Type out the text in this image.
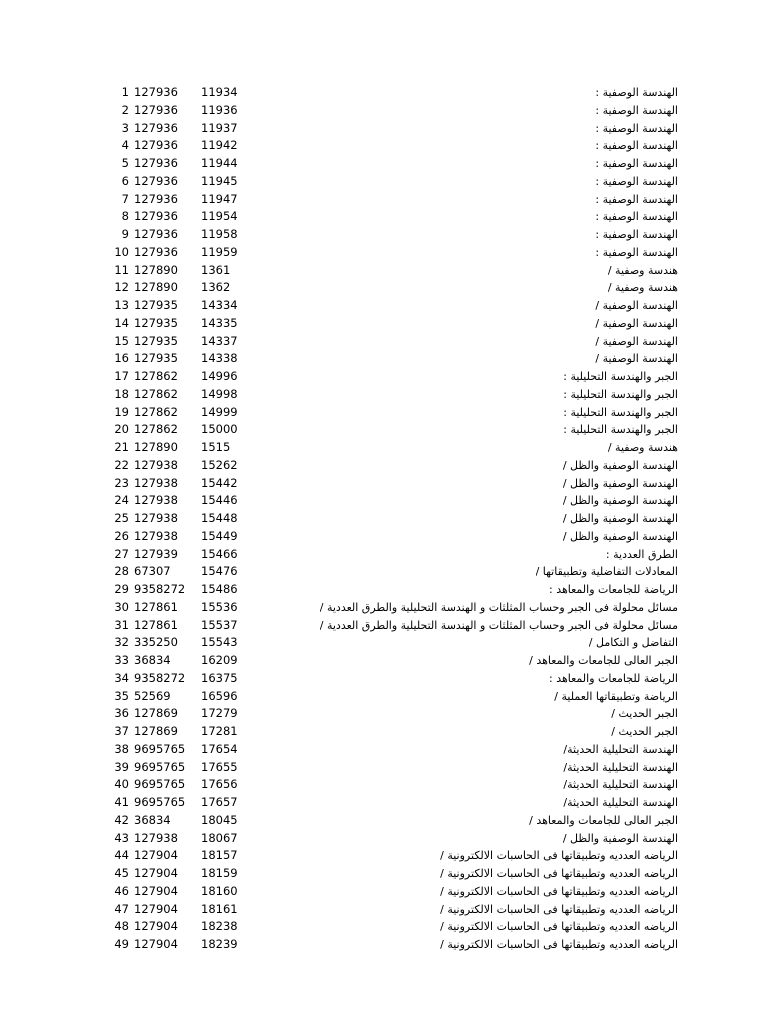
1 127936	11934	الهندسة الوصفية :
2 127936	11936	الهندسة الوصفية :
3 127936	11937	الهندسة الوصفية :
4 127936	11942	الهندسة الوصفية :
5 127936	11944	الهندسة الوصفية :
6 127936	11945	الهندسة الوصفية :
7 127936	11947	الهندسة الوصفية :
8 127936	11954	الهندسة الوصفية :
9 127936	11958	الهندسة الوصفية :
10 127936	11959	الهندسة الوصفية :
11 127890	1361	هندسة وصفية /
12 127890	1362	هندسة وصفية /
13 127935	14334	الهندسة الوصفية /
14 127935	14335	الهندسة الوصفية /
15 127935	14337	الهندسة الوصفية /
16 127935	14338	الهندسة الوصفية /
17 127862	14996	الجبر والهندسة التحليلية :
18 127862	14998	الجبر والهندسة التحليلية :
19 127862	14999	الجبر والهندسة التحليلية :
20 127862	15000	الجبر والهندسة التحليلية :
21 127890	1515	هندسة وصفية /
22 127938	15262	الهندسة الوصفية والظل /
23 127938	15442	الهندسة الوصفية والظل /
24 127938	15446	الهندسة الوصفية والظل /
25 127938	15448	الهندسة الوصفية والظل /
26 127938	15449	الهندسة الوصفية والظل /
27 127939	15466	الطرق العددية :
28 67307	15476	المعادلات التفاضلية وتطبيقاتها /
29 9358272	15486	الرياضة للجامعات والمعاهد :
30 127861	15536	مسائل محلولة فى الجبر وحساب المثلثات و الهندسة التحليلية والطرق العددية /
31 127861	15537	مسائل محلولة فى الجبر وحساب المثلثات و الهندسة التحليلية والطرق العددية /
32 335250	15543	التفاضل و التكامل /
33 36834	16209	الجبر العالى للجامعات والمعاهد /
34 9358272	16375	الرياضة للجامعات والمعاهد :
35 52569	16596	الرياضة وتطبيقاتها العملية /
36 127869	17279	الجبر الحديث /
37 127869	17281	الجبر الحديث /
38 9695765	17654	الهندسة التحليلية الحديثة/
39 9695765	17655	الهندسة التحليلية الحديثة/
40 9695765	17656	الهندسة التحليلية الحديثة/
41 9695765	17657	الهندسة التحليلية الحديثة/
42 36834	18045	الجبر العالى للجامعات والمعاهد /
43 127938	18067	الهندسة الوصفية والظل /
44 127904	18157	الرياضه العدديه وتطبيقاتها فى الحاسبات الالكترونية /
45 127904	18159	الرياضه العدديه وتطبيقاتها فى الحاسبات الالكترونية /
46 127904	18160	الرياضه العدديه وتطبيقاتها فى الحاسبات الالكترونية /
47 127904	18161	الرياضه العدديه وتطبيقاتها فى الحاسبات الالكترونية /
48 127904	18238	الرياضه العدديه وتطبيقاتها فى الحاسبات الالكترونية /
49 127904	18239	الرياضه العدديه وتطبيقاتها فى الحاسبات الالكترونية /
